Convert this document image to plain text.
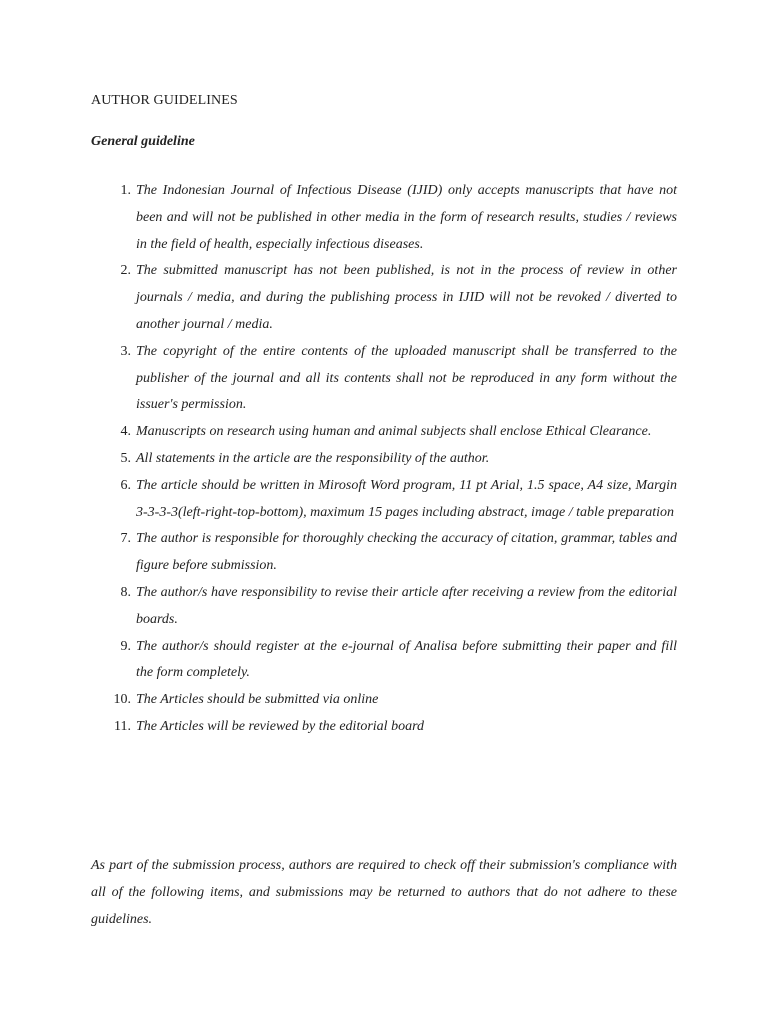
AUTHOR GUIDELINES
General guideline
1. The Indonesian Journal of Infectious Disease (IJID) only accepts manuscripts that have not been and will not be published in other media in the form of research results, studies / reviews in the field of health, especially infectious diseases.
2. The submitted manuscript has not been published, is not in the process of review in other journals / media, and during the publishing process in IJID will not be revoked / diverted to another journal / media.
3. The copyright of the entire contents of the uploaded manuscript shall be transferred to the publisher of the journal and all its contents shall not be reproduced in any form without the issuer's permission.
4. Manuscripts on research using human and animal subjects shall enclose Ethical Clearance.
5. All statements in the article are the responsibility of the author.
6. The article should be written in Mirosoft Word program, 11 pt Arial, 1.5 space, A4 size, Margin 3-3-3-3(left-right-top-bottom), maximum 15 pages including abstract, image / table preparation
7. The author is responsible for thoroughly checking the accuracy of citation, grammar, tables and figure before submission.
8. The author/s have responsibility to revise their article after receiving a review from the editorial boards.
9. The author/s should register at the e-journal of Analisa before submitting their paper and fill the form completely.
10. The Articles should be submitted via online
11. The Articles will be reviewed by the editorial board

As part of the submission process, authors are required to check off their submission's compliance with all of the following items, and submissions may be returned to authors that do not adhere to these guidelines.
